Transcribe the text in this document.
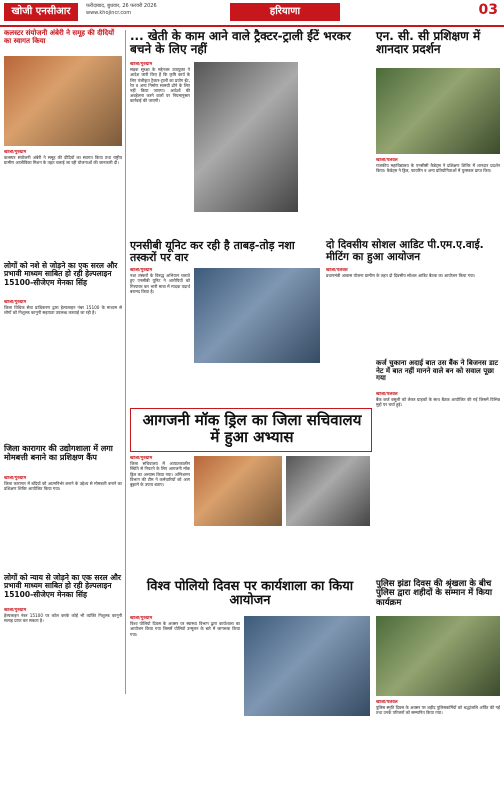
खोजी एनसीआर	फरीदाबाद, बुधवार, 26 फरवरी 2026
www.khojincr.com	हरियाणा	03
कलस्टर संयोजनी अंबेरी ने समूह की दीदियों का स्वागत किया
खोजी/गुरुग्राम
कलस्टर संयोजनी अंबेरी ने समूह की दीदियों का स्वागत किया तथा राष्ट्रीय ग्रामीण आजीविका मिशन के तहत चलाई जा रही योजनाओं की जानकारी दी।
लोगों को नशे से जोड़ने का एक सरल और प्रभावी माध्यम साबित हो रही हेल्पलाइन 15100-सीजेएम मेनका सिंह
खोजी/गुरुग्राम
जिला विधिक सेवा प्राधिकरण द्वारा हेल्पलाइन नंबर 15100 के माध्यम से लोगों को निशुल्क कानूनी सहायता उपलब्ध करवाई जा रही है।
जिला कारागार की उद्योगशाला में लगा मोमबत्ती बनाने का प्रशिक्षण कैंप
खोजी/गुरुग्राम
जिला कारागार में बंदियों को आत्मनिर्भर बनाने के उद्देश्य से मोमबत्ती बनाने का प्रशिक्षण शिविर आयोजित किया गया।
लोगों को न्याय से जोड़ने का एक सरल और प्रभावी माध्यम साबित हो रही हेल्पलाइन 15100-सीजेएम मेनका सिंह
खोजी/गुरुग्राम
हेल्पलाइन नंबर 15100 पर कॉल करके कोई भी व्यक्ति निशुल्क कानूनी सलाह प्राप्त कर सकता है।
... खेती के काम आने वाले ट्रैक्टर-ट्राली ईंटें भरकर बचने के लिए नहीं
खोजी/गुरुग्राम
सड़क सुरक्षा के मद्देनजर उपायुक्त ने आदेश जारी किए हैं कि कृषि कार्य के लिए पंजीकृत ट्रैक्टर-ट्राली का प्रयोग ईंट, रेत व अन्य निर्माण सामग्री ढोने के लिए नहीं किया जाएगा। आदेशों की अवहेलना करने वालों पर नियमानुसार कार्रवाई की जाएगी।
एन. सी. सी प्रशिक्षण में शानदार प्रदर्शन
खोजी/पलवल
राजकीय महाविद्यालय के एनसीसी कैडेट्स ने प्रशिक्षण शिविर में शानदार प्रदर्शन किया। कैडेट्स ने ड्रिल, फायरिंग व अन्य प्रतियोगिताओं में पुरस्कार प्राप्त किए।
एनसीबी यूनिट कर रही है ताबड़-तोड़ नशा तस्करों पर वार
खोजी/गुरुग्राम
नशा तस्करों के विरुद्ध अभियान चलाते हुए एनसीबी यूनिट ने आरोपियों को गिरफ्तार कर भारी मात्रा में मादक पदार्थ बरामद किया है।
दो दिवसीय सोशल आडिट पी.एम.ए.वाई. मीटिंग का हुआ आयोजन
खोजी/पलवल
प्रधानमंत्री आवास योजना ग्रामीण के तहत दो दिवसीय सोशल आडिट बैठक का आयोजन किया गया।
कर्ज चुकाना अदाई बात उस बैंक ने बिजनस डाट नेट में बात नहीं मानने वाले बन को सवाल पूछा गया
खोजी/पलवल
बैंक कर्ज वसूली को लेकर ग्राहकों के साथ बैठक आयोजित की गई जिसमें विभिन्न मुद्दों पर चर्चा हुई।
आगजनी मॉक ड्रिल का जिला सचिवालय में हुआ अभ्यास
खोजी/गुरुग्राम
जिला सचिवालय में आपातकालीन स्थिति से निपटने के लिए आगजनी मॉक ड्रिल का अभ्यास किया गया। अग्निशमन विभाग की टीम ने कर्मचारियों को आग बुझाने के उपाय बताए।
विश्व पोलियो दिवस पर कार्यशाला का किया आयोजन
खोजी/गुरुग्राम
विश्व पोलियो दिवस के अवसर पर स्वास्थ्य विभाग द्वारा कार्यशाला का आयोजन किया गया जिसमें पोलियो उन्मूलन के बारे में जागरूक किया गया।
पुलिस झंडा दिवस की श्रृंखला के बीच पुलिस द्वारा शहीदों के सम्मान में किया कार्यक्रम
खोजी/पलवल
पुलिस स्मृति दिवस के अवसर पर शहीद पुलिसकर्मियों को श्रद्धांजलि अर्पित की गई तथा उनके परिजनों को सम्मानित किया गया।
